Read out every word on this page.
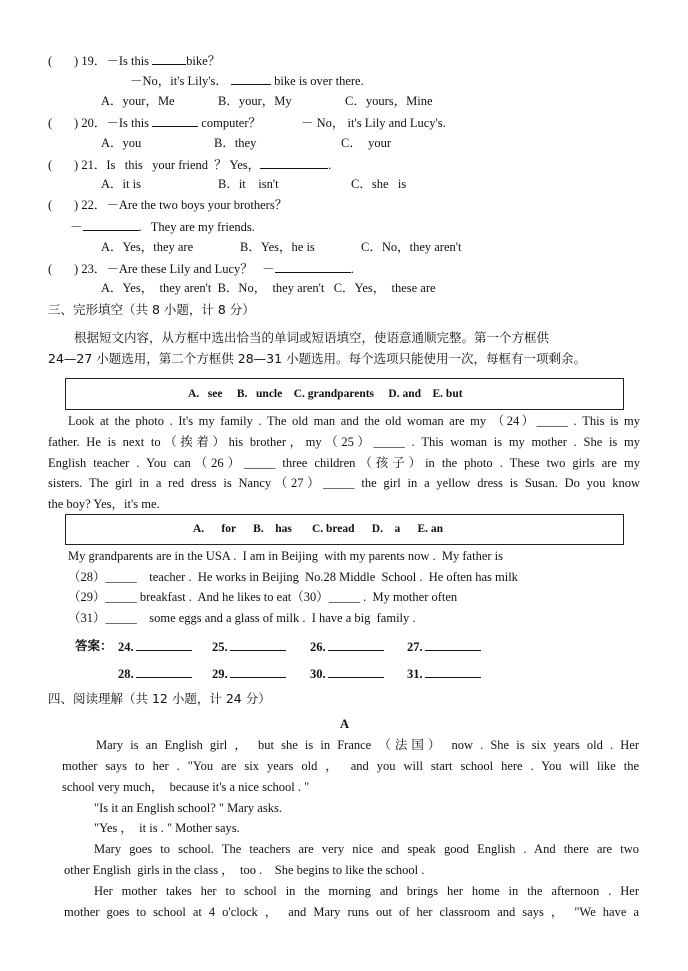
(       ) 19．－Is this	bike？
－No，it's Lily's．	bike is over there.
A．your，Me	B．your，My	C．yours，Mine
(       ) 20．－Is this	computer？	－ No， it's Lily and Lucy's.
A．you	B．they	C．  your
(       ) 21．Is   this   your friend  ？ Yes，	.
A．it is	B．it    isn't	C．she   is
(       ) 22．－Are the two boys your brothers？
－	.   They are my friends.
A．Yes，they are	B．Yes，he is	C．No，they aren't
(       ) 23．－Are these Lily and Lucy？   －	.
A．Yes，  they aren't  B．No，  they aren't   C．Yes，  these are
三、完形填空（共 8 小题，计 8 分）
根据短文内容，从方框中选出恰当的单词或短语填空，使语意通顺完整。第一个方框供
24—27 小题选用，第二个方框供 28—31 小题选用。每个选项只能使用一次，每框有一项剩余。
A.   see     B.   uncle    C. grandparents     D. and    E. but
Look at the photo . It's my family . The old man and the old woman are my （24）_____ . This is my
father. He is next to（挨着）his brother，my（25）_____ . This woman is my mother . She is my
English teacher . You can（26）_____ three children（孩子）in the photo . These two girls are my
sisters. The girl in a red dress is Nancy（27）_____ the girl in a yellow dress is Susan. Do you know
the boy? Yes，it's me.
A.      for      B.    has       C. bread      D.    a      E. an
My grandparents are in the USA .  I am in Beijing  with my parents now .  My father is
（28）_____    teacher .  He works in Beijing  No.28 Middle  School .  He often has milk
（29）_____ breakfast .  And he likes to eat（30）_____ .  My mother often
（31）_____    some eggs and a glass of milk .  I have a big  family .
答案： 24.	25.	26.	27.
28.	29.	30.	31.
四、阅读理解（共 12 小题，计 24 分）
A
Mary is an English girl ， but she is in France （法国） now . She is six years old . Her
mother says to her . "You are six years old ， and you will start school here . You will like the
school very much，  because it's a nice school . "
"Is it an English school? " Mary asks.
"Yes ，  it is . " Mother says.
Mary goes to school. The teachers are very nice and speak good English . And there are two
other English  girls in the class ，  too .    She begins to like the school .
Her mother takes her to school in the morning and brings her home in the afternoon . Her
mother goes to school at 4 o'clock ， and Mary runs out of her classroom and says ， "We have a
